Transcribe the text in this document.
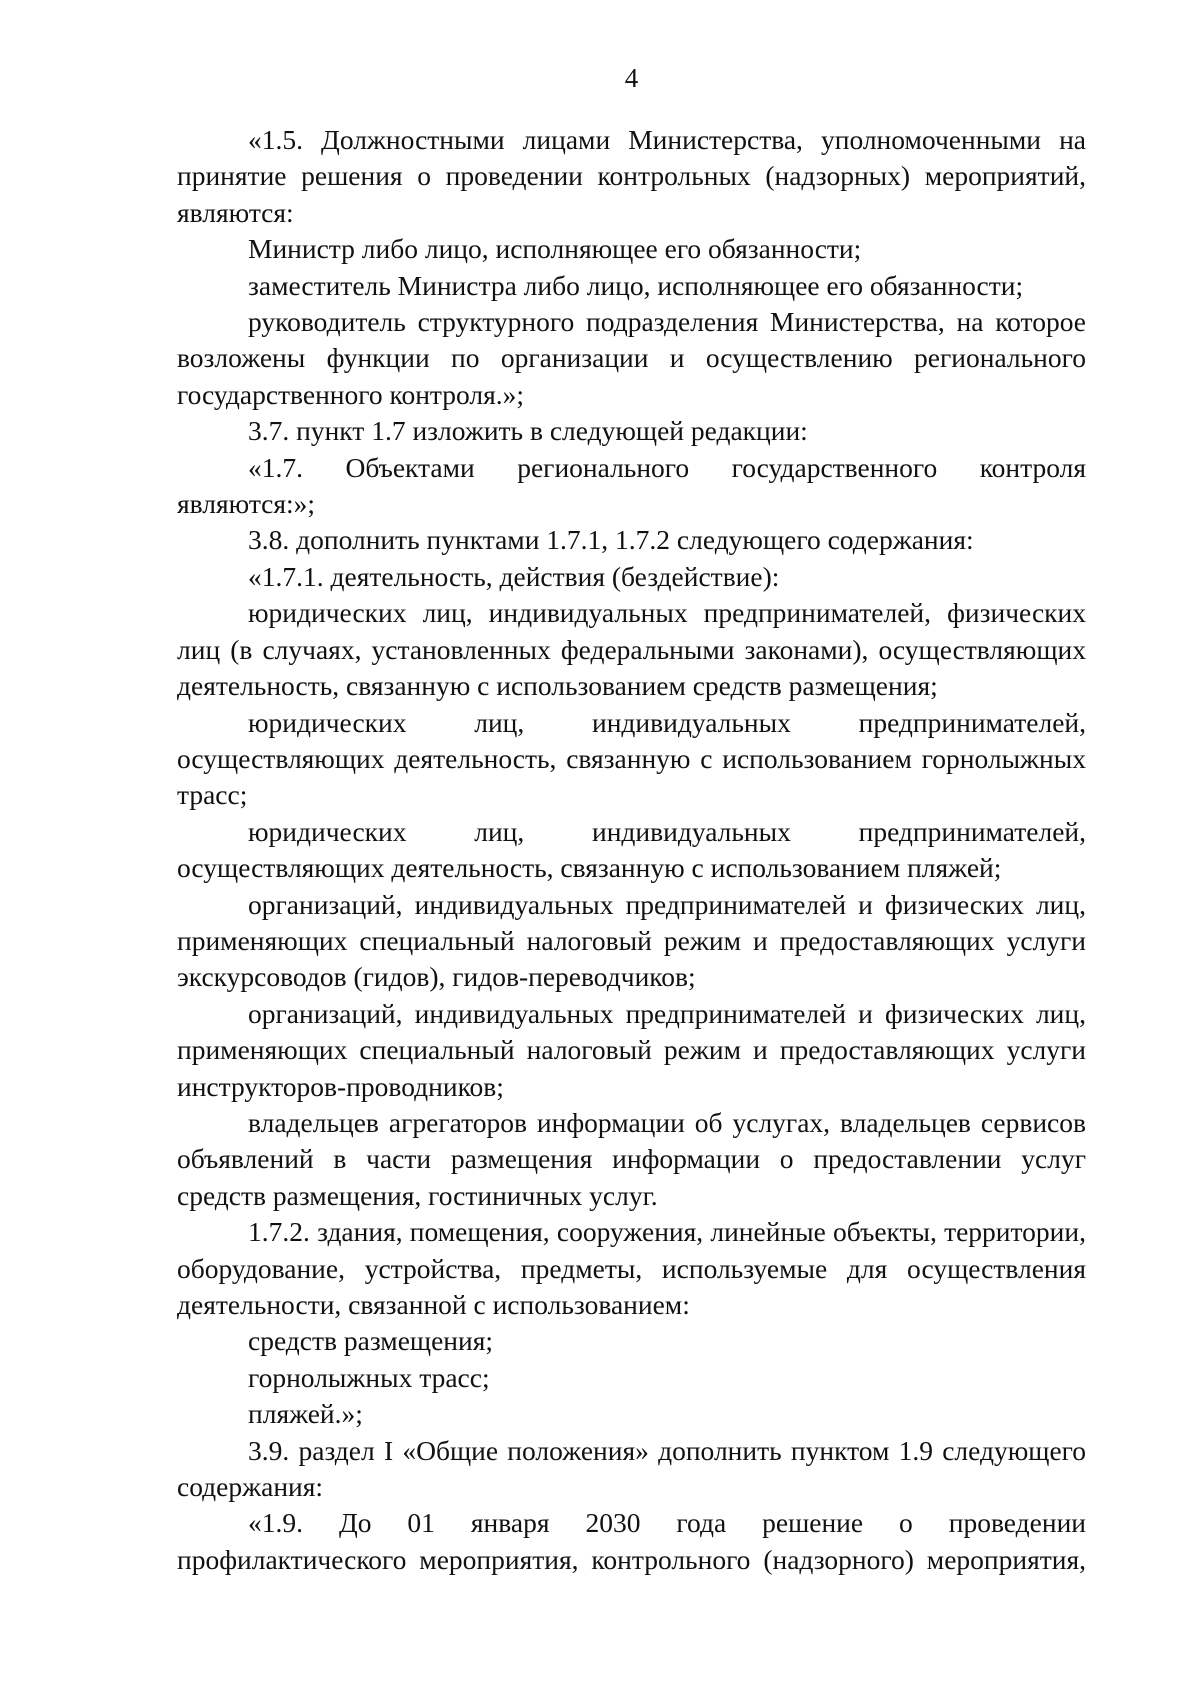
4

«1.5. Должностными лицами Министерства, уполномоченными на принятие решения о проведении контрольных (надзорных) мероприятий, являются:

Министр либо лицо, исполняющее его обязанности;

заместитель Министра либо лицо, исполняющее его обязанности;

руководитель структурного подразделения Министерства, на которое возложены функции по организации и осуществлению регионального государственного контроля.»;

3.7. пункт 1.7 изложить в следующей редакции:

«1.7. Объектами регионального государственного контроля являются:»;

3.8. дополнить пунктами 1.7.1, 1.7.2 следующего содержания:

«1.7.1. деятельность, действия (бездействие):

юридических лиц, индивидуальных предпринимателей, физических лиц (в случаях, установленных федеральными законами), осуществляющих деятельность, связанную с использованием средств размещения;

юридических лиц, индивидуальных предпринимателей, осуществляющих деятельность, связанную с использованием горнолыжных трасс;

юридических лиц, индивидуальных предпринимателей, осуществляющих деятельность, связанную с использованием пляжей;

организаций, индивидуальных предпринимателей и физических лиц, применяющих специальный налоговый режим и предоставляющих услуги экскурсоводов (гидов), гидов-переводчиков;

организаций, индивидуальных предпринимателей и физических лиц, применяющих специальный налоговый режим и предоставляющих услуги инструкторов-проводников;

владельцев агрегаторов информации об услугах, владельцев сервисов объявлений в части размещения информации о предоставлении услуг средств размещения, гостиничных услуг.

1.7.2. здания, помещения, сооружения, линейные объекты, территории, оборудование, устройства, предметы, используемые для осуществления деятельности, связанной с использованием:

средств размещения;

горнолыжных трасс;

пляжей.»;

3.9. раздел I «Общие положения» дополнить пунктом 1.9 следующего содержания:

«1.9. До 01 января 2030 года решение о проведении профилактического мероприятия, контрольного (надзорного) мероприятия,
